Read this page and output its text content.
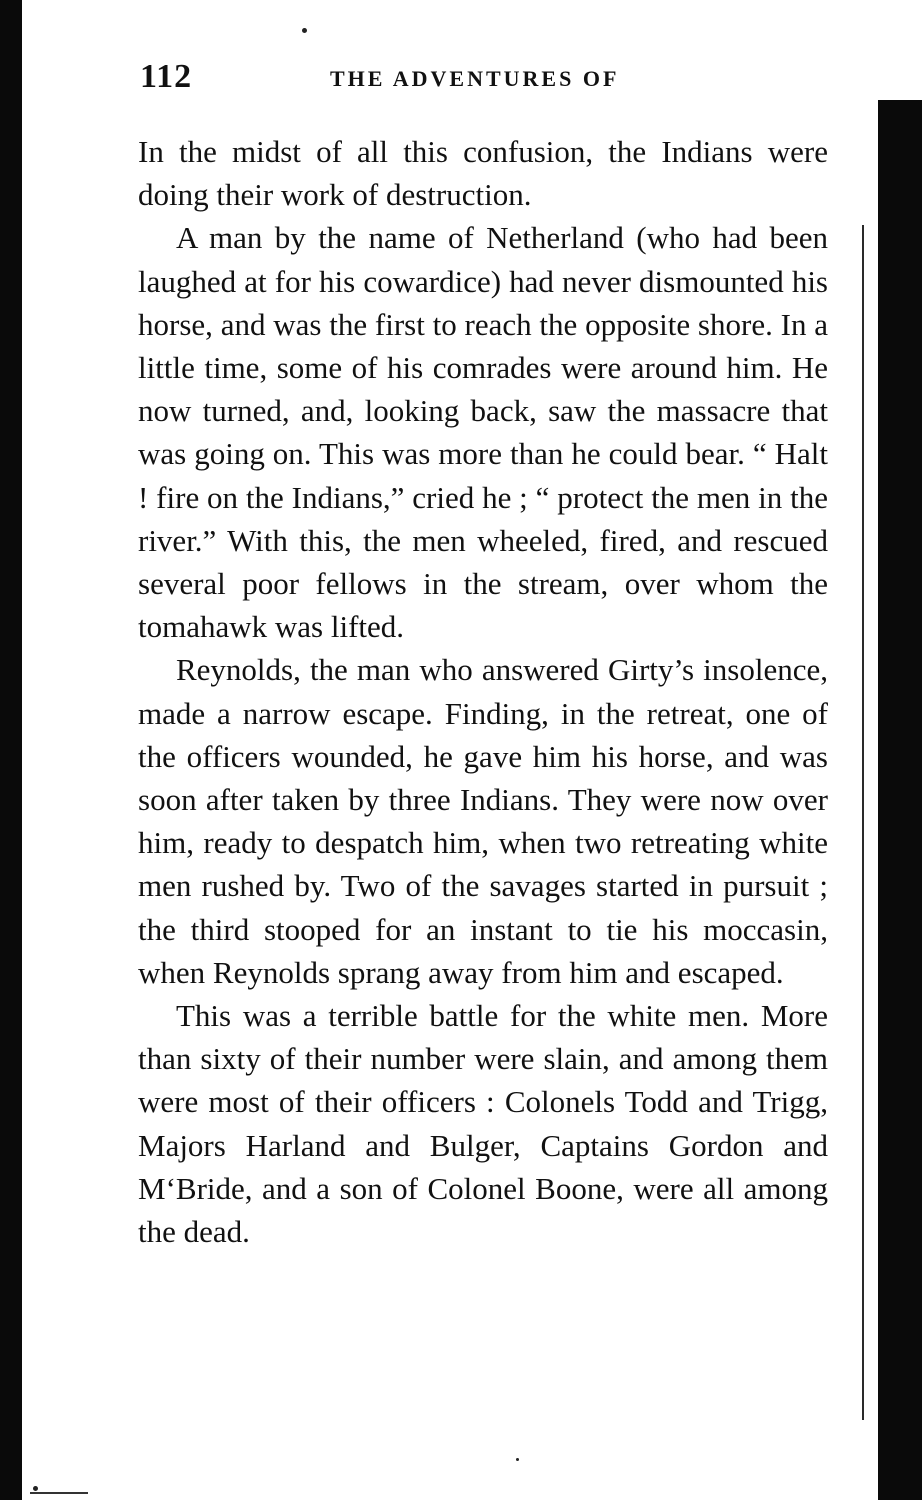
112	THE ADVENTURES OF

In the midst of all this confusion, the Indians were doing their work of destruction.

A man by the name of Netherland (who had been laughed at for his cowardice) had never dismounted his horse, and was the first to reach the opposite shore. In a little time, some of his comrades were around him. He now turned, and, looking back, saw the massacre that was going on. This was more than he could bear. “ Halt ! fire on the Indians,” cried he ; “ protect the men in the river.” With this, the men wheeled, fired, and rescued several poor fellows in the stream, over whom the tomahawk was lifted.

Reynolds, the man who answered Girty’s insolence, made a narrow escape. Finding, in the retreat, one of the officers wounded, he gave him his horse, and was soon after taken by three Indians. They were now over him, ready to despatch him, when two retreating white men rushed by. Two of the savages started in pursuit ; the third stooped for an instant to tie his moccasin, when Reynolds sprang away from him and escaped.

This was a terrible battle for the white men. More than sixty of their number were slain, and among them were most of their officers : Colonels Todd and Trigg, Majors Harland and Bulger, Captains Gordon and M‘Bride, and a son of Colonel Boone, were all among the dead.
